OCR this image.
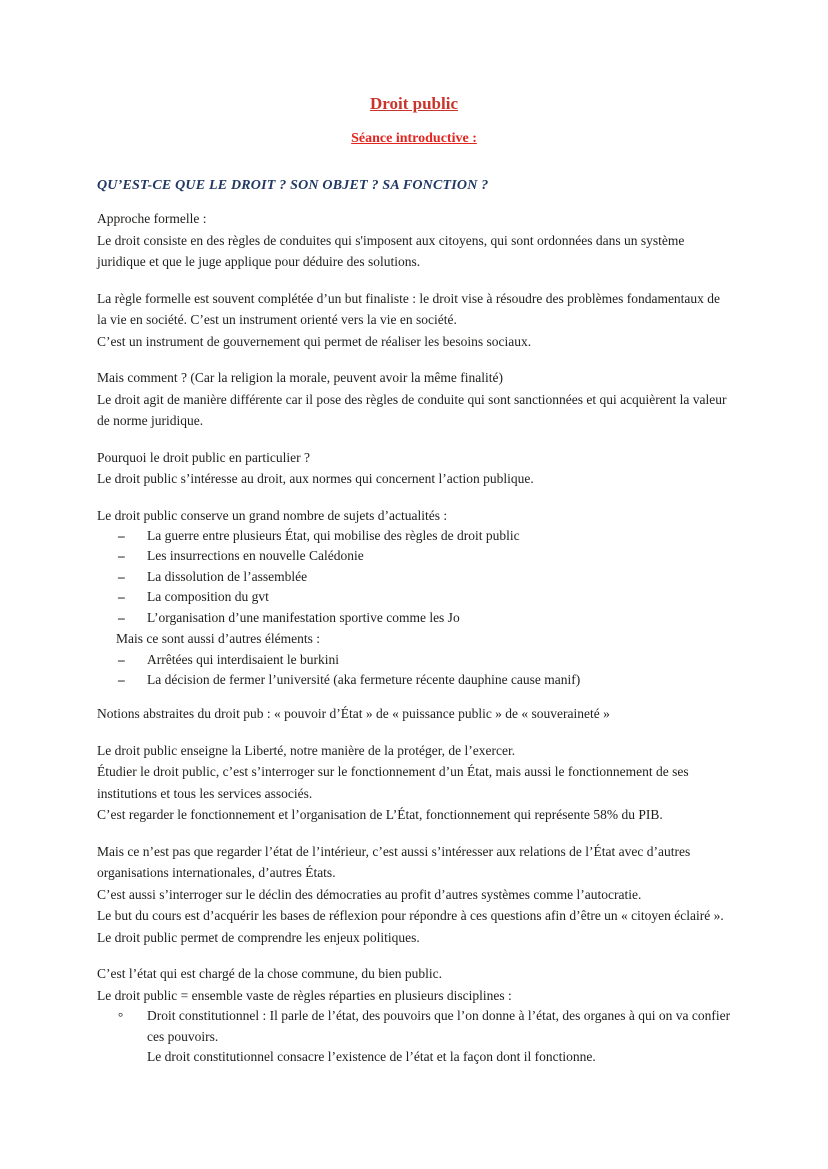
Droit public
Séance introductive :
QU’EST-CE QUE LE DROIT ? SON OBJET ? SA FONCTION ?
Approche formelle :
Le droit consiste en des règles de conduites qui s'imposent aux citoyens, qui sont ordonnées dans un système juridique et que le juge applique pour déduire des solutions.
La règle formelle est souvent complétée d’un but finaliste : le droit vise à résoudre des problèmes fondamentaux de la vie en société. C’est un instrument orienté vers la vie en société.
C’est un instrument de gouvernement qui permet de réaliser les besoins sociaux.
Mais comment ? (Car la religion la morale, peuvent avoir la même finalité)
Le droit agit de manière différente car il pose des règles de conduite qui sont sanctionnées et qui acquièrent la valeur de norme juridique.
Pourquoi le droit public en particulier ?
Le droit public s’intéresse au droit, aux normes qui concernent l’action publique.
Le droit public conserve un grand nombre de sujets d’actualités :
–	La guerre entre plusieurs État, qui mobilise des règles de droit public
–	Les insurrections en nouvelle Calédonie
–	La dissolution de l’assemblée
–	La composition du gvt
–	L’organisation d’une manifestation sportive comme les Jo
Mais ce sont aussi d’autres éléments :
–	Arrêtées qui interdisaient le burkini
–	La décision de fermer l’université (aka fermeture récente dauphine cause manif)
Notions abstraites du droit pub : « pouvoir d’État » de « puissance public » de « souveraineté »
Le droit public enseigne la Liberté, notre manière de la protéger, de l’exercer.
Étudier le droit public, c’est s’interroger sur le fonctionnement d’un État, mais aussi le fonctionnement de ses institutions et tous les services associés.
C’est regarder le fonctionnement et l’organisation de L’État, fonctionnement qui représente 58% du PIB.
Mais ce n’est pas que regarder l’état de l’intérieur, c’est aussi s’intéresser aux relations de l’État avec d’autres organisations internationales, d’autres États.
C’est aussi s’interroger sur le déclin des démocraties au profit d’autres systèmes comme l’autocratie.
Le but du cours est d’acquérir les bases de réflexion pour répondre à ces questions afin d’être un « citoyen éclairé ». Le droit public permet de comprendre les enjeux politiques.
C’est l’état qui est chargé de la chose commune, du bien public.
Le droit public = ensemble vaste de règles réparties en plusieurs disciplines :
°	Droit constitutionnel : Il parle de l’état, des pouvoirs que l’on donne à l’état, des organes à qui on va confier ces pouvoirs.
Le droit constitutionnel consacre l’existence de l’état et la façon dont il fonctionne.
